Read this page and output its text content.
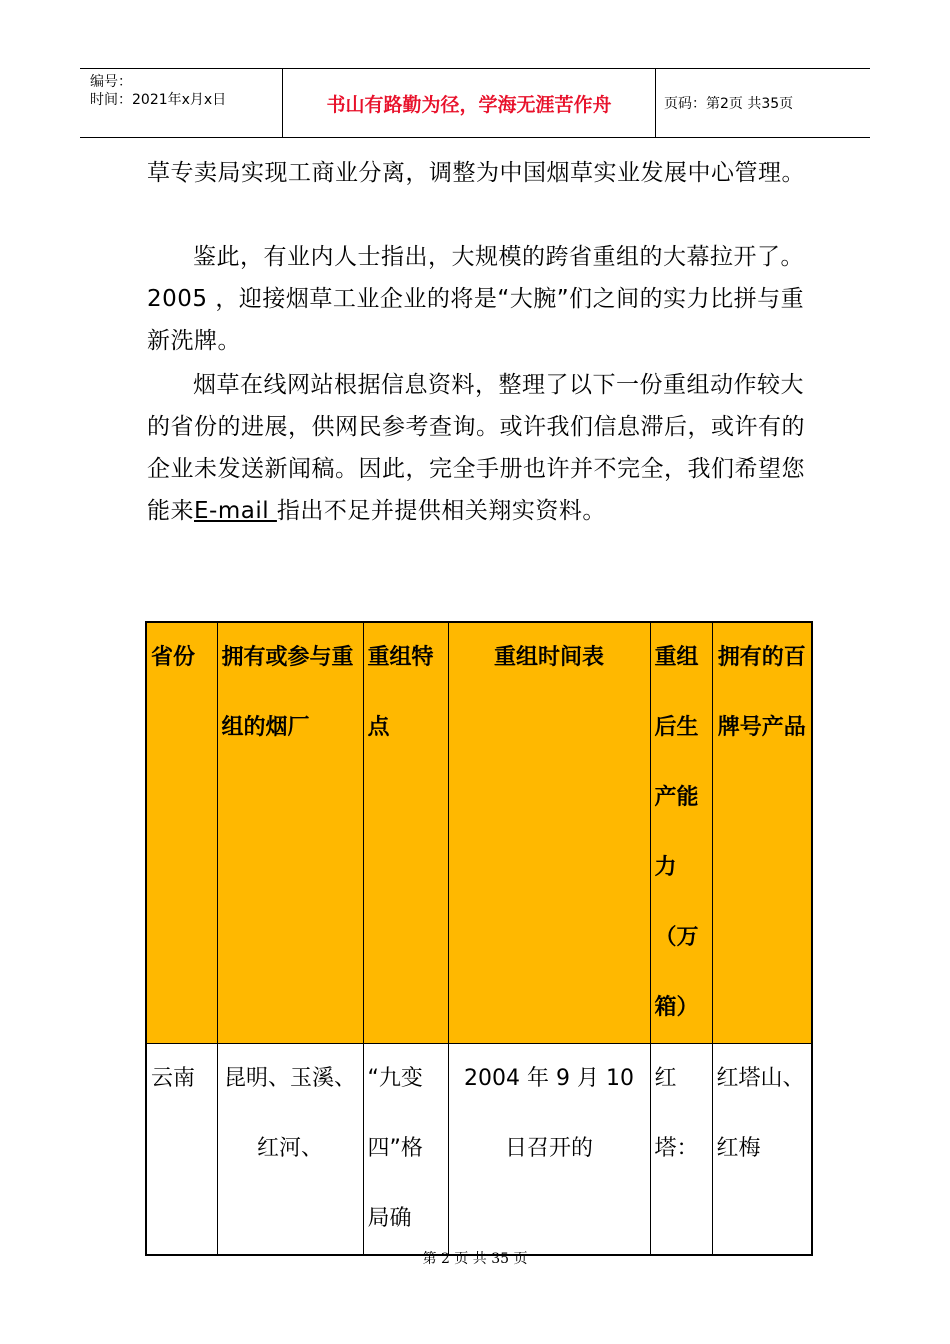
编号：
时间：2021年x月x日	书山有路勤为径，学海无涯苦作舟	页码：第2页 共35页
草专卖局实现工商业分离，调整为中国烟草实业发展中心管理。
鉴此，有业内人士指出，大规模的跨省重组的大幕拉开了。 2005 ，迎接烟草工业企业的将是“大腕”们之间的实力比拼与重新洗牌。
烟草在线网站根据信息资料，整理了以下一份重组动作较大的省份的进展，供网民参考查询。或许我们信息滞后，或许有的企业未发送新闻稿。因此，完全手册也许并不完全，我们希望您能来E-mail 指出不足并提供相关翔实资料。
省份	拥有或参与重组的烟厂	重组特点	重组时间表	重组后生产能力（万箱）	拥有的百牌号产品
云南	昆明、玉溪、红河、	“九变四”格局确	2004 年 9 月 10 日召开的	红塔：	红塔山、红梅
第 2 页 共 35 页
